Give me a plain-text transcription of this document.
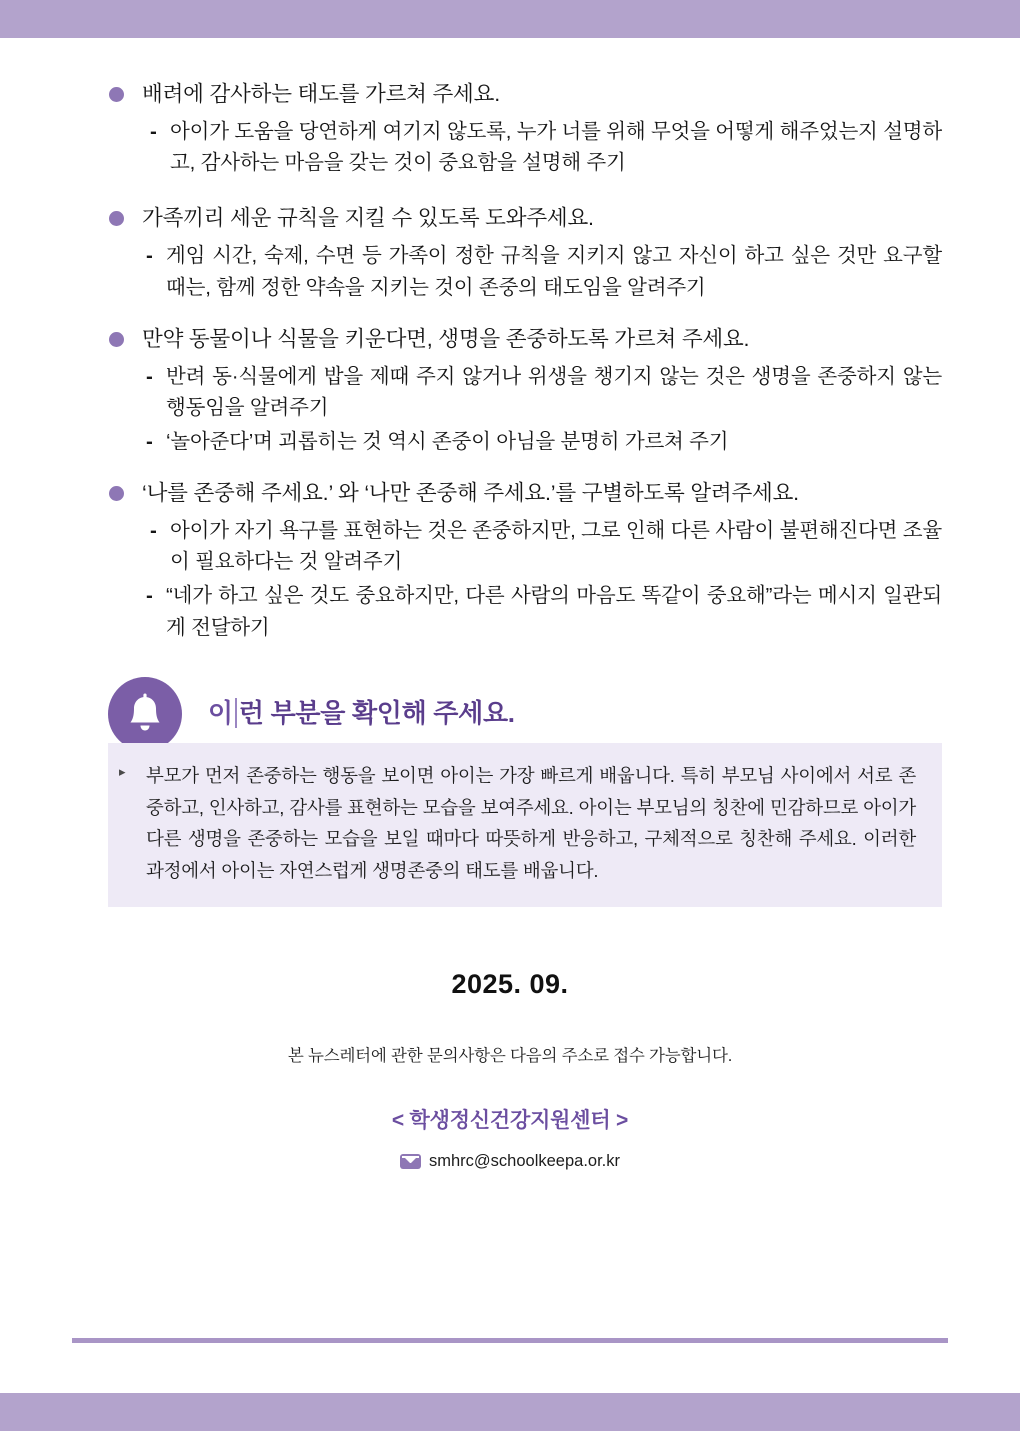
배려에 감사하는 태도를 가르쳐 주세요.
- 아이가 도움을 당연하게 여기지 않도록, 누가 너를 위해 무엇을 어떻게 해주었는지 설명하고, 감사하는 마음을 갖는 것이 중요함을 설명해 주기
가족끼리 세운 규칙을 지킬 수 있도록 도와주세요.
- 게임 시간, 숙제, 수면 등 가족이 정한 규칙을 지키지 않고 자신이 하고 싶은 것만 요구할 때는, 함께 정한 약속을 지키는 것이 존중의 태도임을 알려주기
만약 동물이나 식물을 키운다면, 생명을 존중하도록 가르쳐 주세요.
- 반려 동·식물에게 밥을 제때 주지 않거나 위생을 챙기지 않는 것은 생명을 존중하지 않는 행동임을 알려주기
- ‘놀아준다’며 괴롭히는 것 역시 존중이 아님을 분명히 가르쳐 주기
‘나를 존중해 주세요.’ 와 ‘나만 존중해 주세요.’를 구별하도록 알려주세요.
- 아이가 자기 욕구를 표현하는 것은 존중하지만, 그로 인해 다른 사람이 불편해진다면 조율이 필요하다는 것 알려주기
- “네가 하고 싶은 것도 중요하지만, 다른 사람의 마음도 똑같이 중요해”라는 메시지 일관되게 전달하기
이 런 부분을 확인해 주세요.
▸	부모가 먼저 존중하는 행동을 보이면 아이는 가장 빠르게 배웁니다. 특히 부모님 사이에서 서로 존중하고, 인사하고, 감사를 표현하는 모습을 보여주세요. 아이는 부모님의 칭찬에 민감하므로 아이가 다른 생명을 존중하는 모습을 보일 때마다 따뜻하게 반응하고, 구체적으로 칭찬해 주세요. 이러한 과정에서 아이는 자연스럽게 생명존중의 태도를 배웁니다.
2025. 09.
본 뉴스레터에 관한 문의사항은 다음의 주소로 접수 가능합니다.
< 학생정신건강지원센터 >
smhrc@schoolkeepa.or.kr
